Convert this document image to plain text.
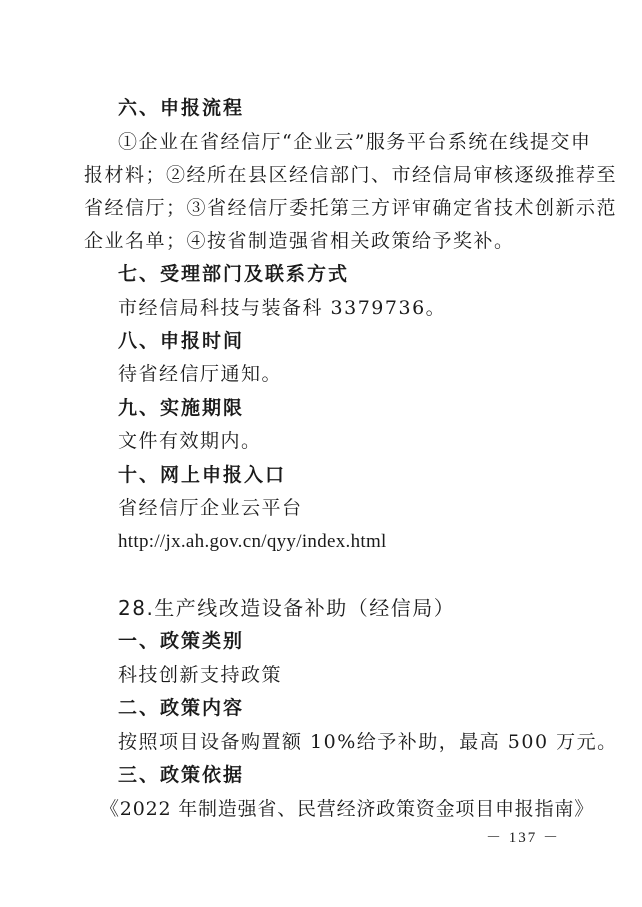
六、申报流程
①企业在省经信厅“企业云”服务平台系统在线提交申
报材料；②经所在县区经信部门、市经信局审核逐级推荐至
省经信厅；③省经信厅委托第三方评审确定省技术创新示范
企业名单；④按省制造强省相关政策给予奖补。
七、受理部门及联系方式
市经信局科技与装备科 3379736。
八、申报时间
待省经信厅通知。
九、实施期限
文件有效期内。
十、网上申报入口
省经信厅企业云平台
http://jx.ah.gov.cn/qyy/index.html
28.生产线改造设备补助（经信局）
一、政策类别
科技创新支持政策
二、政策内容
按照项目设备购置额 10%给予补助，最高 500 万元。
三、政策依据
《2022 年制造强省、民营经济政策资金项目申报指南》
－ 137 －
